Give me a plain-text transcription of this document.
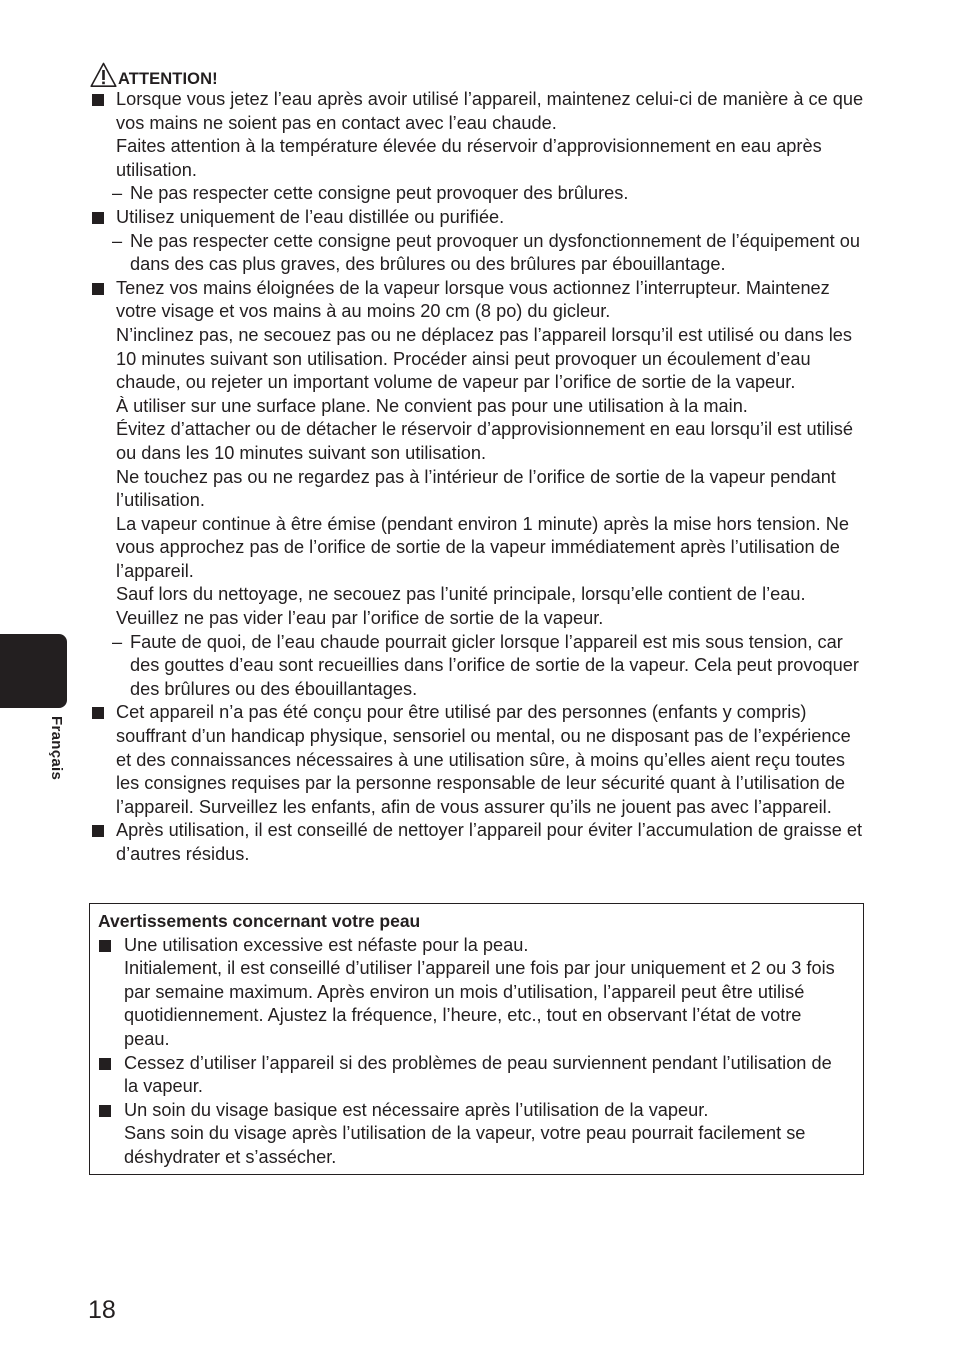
ATTENTION!

Lorsque vous jetez l’eau après avoir utilisé l’appareil, maintenez celui-ci de manière à ce que vos mains ne soient pas en contact avec l’eau chaude.

Faites attention à la température élevée du réservoir d’approvisionnement en eau après utilisation.

– Ne pas respecter cette consigne peut provoquer des brûlures.

Utilisez uniquement de l’eau distillée ou purifiée.

– Ne pas respecter cette consigne peut provoquer un dysfonctionnement de l’équipement ou dans des cas plus graves, des brûlures ou des brûlures par ébouillantage.

Tenez vos mains éloignées de la vapeur lorsque vous actionnez l’interrupteur. Maintenez votre visage et vos mains à au moins 20 cm (8 po) du gicleur.

N’inclinez pas, ne secouez pas ou ne déplacez pas l’appareil lorsqu’il est utilisé ou dans les 10 minutes suivant son utilisation. Procéder ainsi peut provoquer un écoulement d’eau chaude, ou rejeter un important volume de vapeur par l’orifice de sortie de la vapeur.

À utiliser sur une surface plane. Ne convient pas pour une utilisation à la main.

Évitez d’attacher ou de détacher le réservoir d’approvisionnement en eau lorsqu’il est utilisé ou dans les 10 minutes suivant son utilisation.

Ne touchez pas ou ne regardez pas à l’intérieur de l’orifice de sortie de la vapeur pendant l’utilisation.

La vapeur continue à être émise (pendant environ 1 minute) après la mise hors tension. Ne vous approchez pas de l’orifice de sortie de la vapeur immédiatement après l’utilisation de l’appareil.

Sauf lors du nettoyage, ne secouez pas l’unité principale, lorsqu’elle contient de l’eau. Veuillez ne pas vider l’eau par l’orifice de sortie de la vapeur.

– Faute de quoi, de l’eau chaude pourrait gicler lorsque l’appareil est mis sous tension, car des gouttes d’eau sont recueillies dans l’orifice de sortie de la vapeur. Cela peut provoquer des brûlures ou des ébouillantages.

Cet appareil n’a pas été conçu pour être utilisé par des personnes (enfants y compris) souffrant d’un handicap physique, sensoriel ou mental, ou ne disposant pas de l’expérience et des connaissances nécessaires à une utilisation sûre, à moins qu’elles aient reçu toutes les consignes requises par la personne responsable de leur sécurité quant à l’utilisation de l’appareil. Surveillez les enfants, afin de vous assurer qu’ils ne jouent pas avec l’appareil.

Après utilisation, il est conseillé de nettoyer l’appareil pour éviter l’accumulation de graisse et d’autres résidus.

Avertissements concernant votre peau

Une utilisation excessive est néfaste pour la peau.

Initialement, il est conseillé d’utiliser l’appareil une fois par jour uniquement et 2 ou 3 fois par semaine maximum. Après environ un mois d’utilisation, l’appareil peut être utilisé quotidiennement. Ajustez la fréquence, l’heure, etc., tout en observant l’état de votre peau.

Cessez d’utiliser l’appareil si des problèmes de peau surviennent pendant l’utilisation de la vapeur.

Un soin du visage basique est nécessaire après l’utilisation de la vapeur.

Sans soin du visage après l’utilisation de la vapeur, votre peau pourrait facilement se déshydrater et s’assécher.

Français
18
